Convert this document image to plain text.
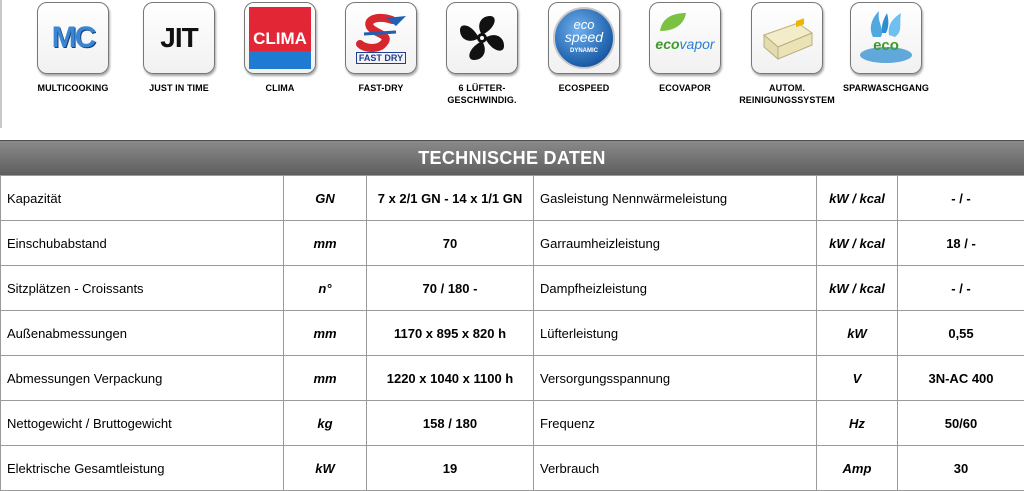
MC
MULTICOOKING
JIT
JUST IN TIME
CLIMA
CLIMA
FAST DRY
FAST-DRY	6 LÜFTER-
GESCHWINDIG.
eco
speed
DYNAMIC
ECOSPEED
ecovapor
ECOVAPOR	AUTOM.
REINIGUNGSSYSTEM
eco
SPARWASCHGANG
TECHNISCHE DATEN
Kapazität	GN	7 x 2/1 GN - 14 x 1/1 GN	Gasleistung Nennwärmeleistung	kW / kcal	- / -
Einschubabstand	mm	70	Garraumheizleistung	kW / kcal	18 / -
Sitzplätzen - Croissants	n°	70 / 180 -	Dampfheizleistung	kW / kcal	- / -
Außenabmessungen	mm	1170 x 895 x 820 h	Lüfterleistung	kW	0,55
Abmessungen Verpackung	mm	1220 x 1040 x 1100 h	Versorgungsspannung	V	3N-AC 400
Nettogewicht / Bruttogewicht	kg	158 / 180	Frequenz	Hz	50/60
Elektrische Gesamtleistung	kW	19	Verbrauch	Amp	30
